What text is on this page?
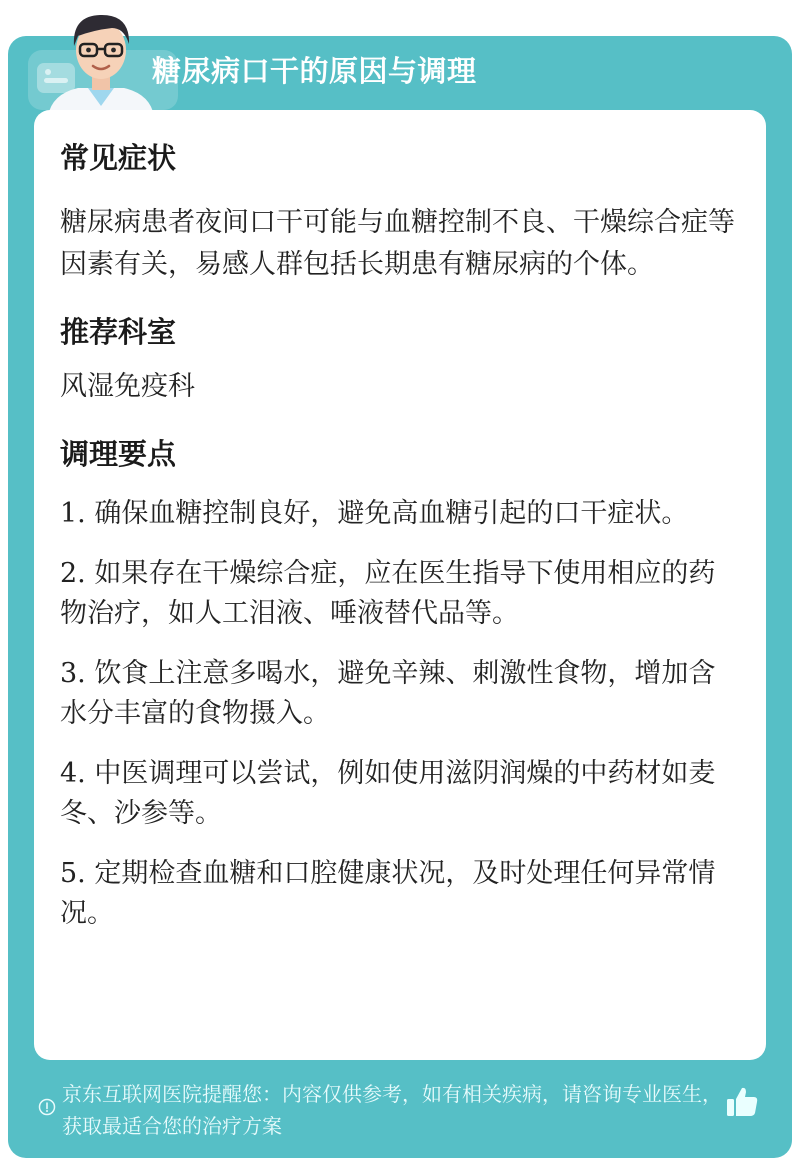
糖尿病口干的原因与调理
常见症状

糖尿病患者夜间口干可能与血糖控制不良、干燥综合症等因素有关，易感人群包括长期患有糖尿病的个体。

推荐科室

风湿免疫科

调理要点

1. 确保血糖控制良好，避免高血糖引起的口干症状。

2. 如果存在干燥综合症，应在医生指导下使用相应的药物治疗，如人工泪液、唾液替代品等。

3. 饮食上注意多喝水，避免辛辣、刺激性食物，增加含水分丰富的食物摄入。

4. 中医调理可以尝试，例如使用滋阴润燥的中药材如麦冬、沙参等。

5. 定期检查血糖和口腔健康状况，及时处理任何异常情况。

京东互联网医院提醒您：内容仅供参考，如有相关疾病，请咨询专业医生，获取最适合您的治疗方案
